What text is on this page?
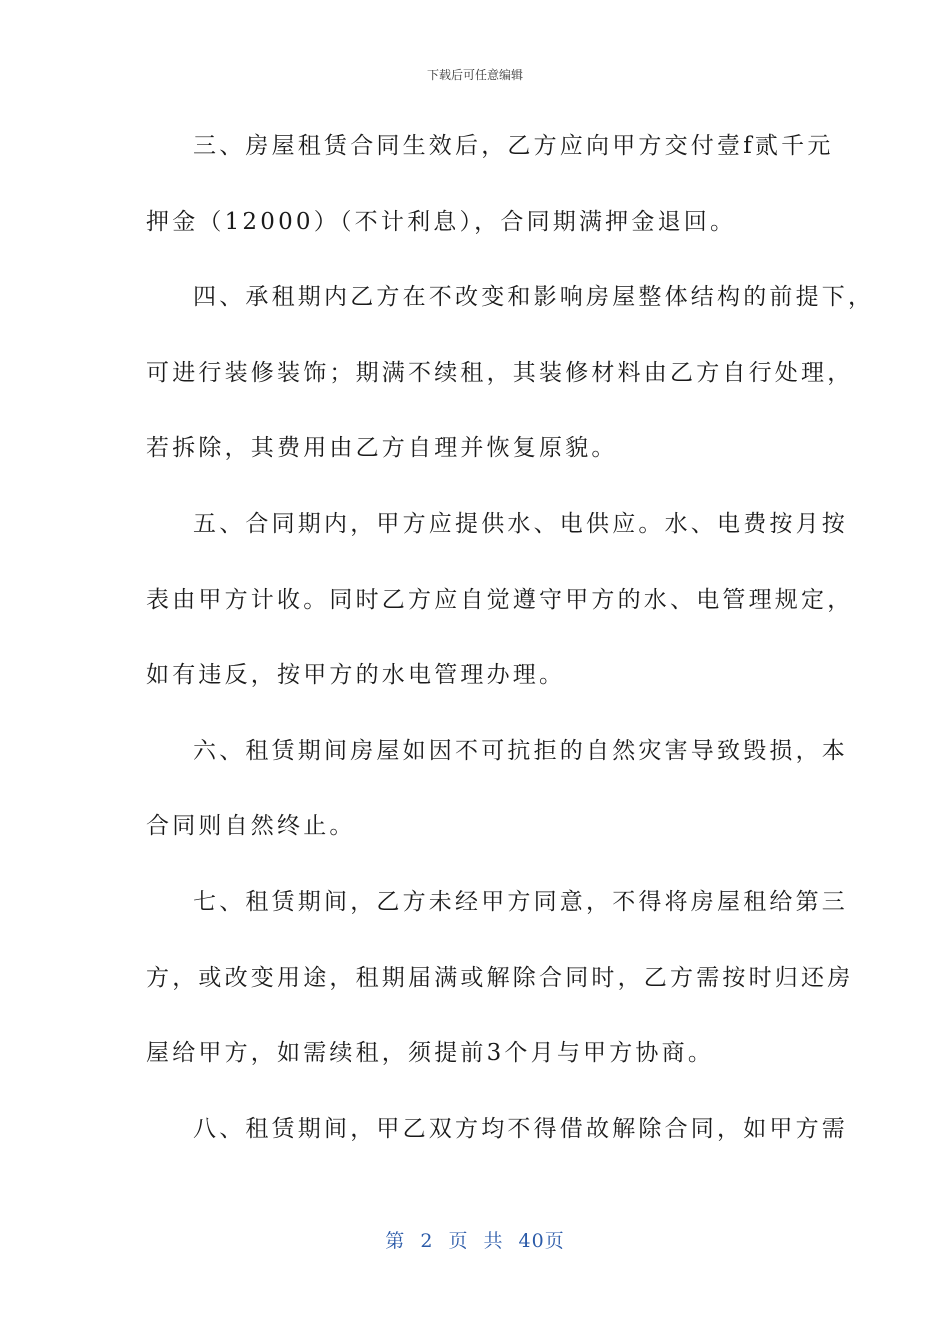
下载后可任意编辑
三、房屋租赁合同生效后，乙方应向甲方交付壹f贰千元
押金（12000）（不计利息），合同期满押金退回。
四、承租期内乙方在不改变和影响房屋整体结构的前提下，
可进行装修装饰；期满不续租，其装修材料由乙方自行处理，
若拆除，其费用由乙方自理并恢复原貌。
五、合同期内，甲方应提供水、电供应。水、电费按月按
表由甲方计收。同时乙方应自觉遵守甲方的水、电管理规定，
如有违反，按甲方的水电管理办理。
六、租赁期间房屋如因不可抗拒的自然灾害导致毁损，本
合同则自然终止。
七、租赁期间，乙方未经甲方同意，不得将房屋租给第三
方，或改变用途，租期届满或解除合同时，乙方需按时归还房
屋给甲方，如需续租，须提前3个月与甲方协商。
八、租赁期间，甲乙双方均不得借故解除合同，如甲方需
第 2 页 共 40页
